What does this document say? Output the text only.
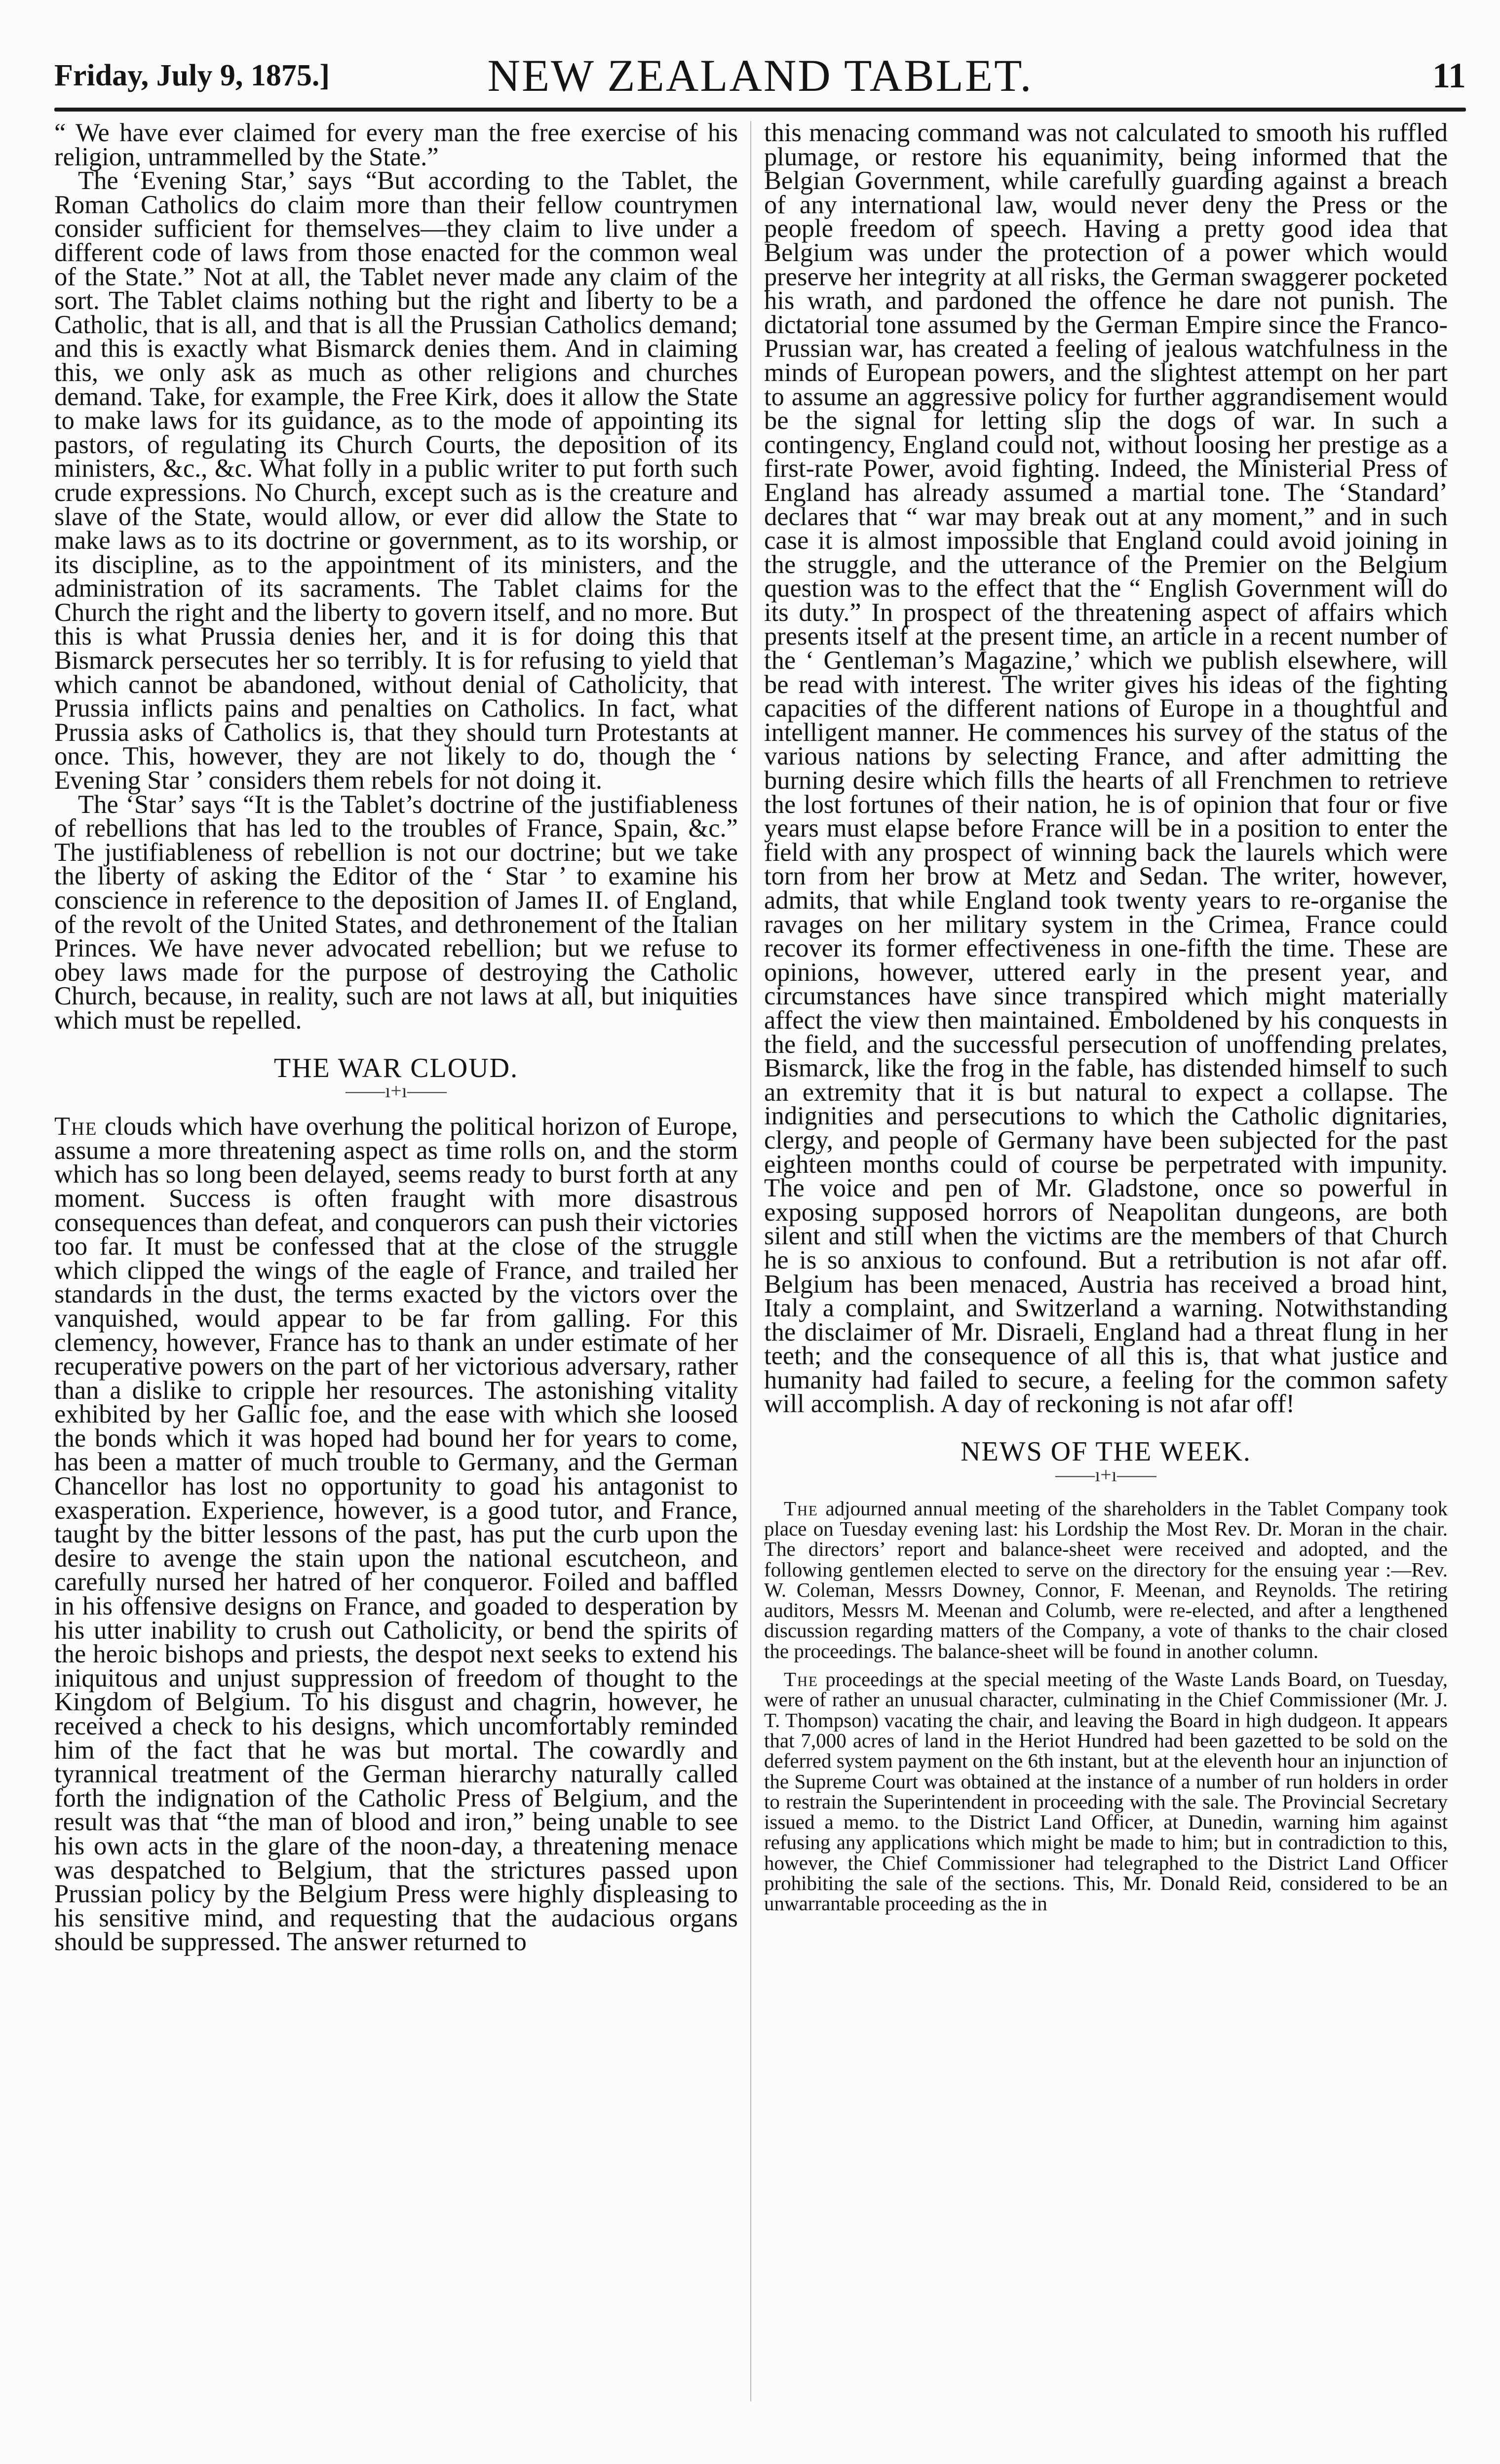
Friday, July 9, 1875.]	NEW ZEALAND TABLET.	11

“ We have ever claimed for every man the free exercise of his religion, untrammelled by the State.”

The ‘Evening Star,’ says “But according to the Tablet, the Roman Catholics do claim more than their fellow countrymen consider sufficient for themselves—they claim to live under a different code of laws from those enacted for the common weal of the State.” Not at all, the Tablet never made any claim of the sort. The Tablet claims nothing but the right and liberty to be a Catholic, that is all, and that is all the Prussian Catholics demand; and this is exactly what Bismarck denies them. And in claiming this, we only ask as much as other religions and churches demand. Take, for example, the Free Kirk, does it allow the State to make laws for its guidance, as to the mode of appointing its pastors, of regulating its Church Courts, the deposition of its ministers, &c., &c. What folly in a public writer to put forth such crude expressions. No Church, except such as is the creature and slave of the State, would allow, or ever did allow the State to make laws as to its doctrine or government, as to its worship, or its discipline, as to the appointment of its ministers, and the administration of its sacraments. The Tablet claims for the Church the right and the liberty to govern itself, and no more. But this is what Prussia denies her, and it is for doing this that Bismarck persecutes her so terribly. It is for refusing to yield that which cannot be abandoned, without denial of Catholicity, that Prussia inflicts pains and penalties on Catholics. In fact, what Prussia asks of Catholics is, that they should turn Protestants at once. This, however, they are not likely to do, though the ‘ Evening Star ’ considers them rebels for not doing it.

The ‘Star’ says “It is the Tablet’s doctrine of the justifiableness of rebellions that has led to the troubles of France, Spain, &c.” The justifiableness of rebellion is not our doctrine; but we take the liberty of asking the Editor of the ‘ Star ’ to examine his conscience in reference to the deposition of James II. of England, of the revolt of the United States, and dethronement of the Italian Princes. We have never advocated rebellion; but we refuse to obey laws made for the purpose of destroying the Catholic Church, because, in reality, such are not laws at all, but iniquities which must be repelled.

THE WAR CLOUD.
——ı+ı——

The clouds which have overhung the political horizon of Europe, assume a more threatening aspect as time rolls on, and the storm which has so long been delayed, seems ready to burst forth at any moment. Success is often fraught with more disastrous consequences than defeat, and conquerors can push their victories too far. It must be confessed that at the close of the struggle which clipped the wings of the eagle of France, and trailed her standards in the dust, the terms exacted by the victors over the vanquished, would appear to be far from galling. For this clemency, however, France has to thank an under estimate of her recuperative powers on the part of her victorious adversary, rather than a dislike to cripple her resources. The astonishing vitality exhibited by her Gallic foe, and the ease with which she loosed the bonds which it was hoped had bound her for years to come, has been a matter of much trouble to Germany, and the German Chancellor has lost no opportunity to goad his antagonist to exasperation. Experience, however, is a good tutor, and France, taught by the bitter lessons of the past, has put the curb upon the desire to avenge the stain upon the national escutcheon, and carefully nursed her hatred of her conqueror. Foiled and baffled in his offensive designs on France, and goaded to desperation by his utter inability to crush out Catholicity, or bend the spirits of the heroic bishops and priests, the despot next seeks to extend his iniquitous and unjust suppression of freedom of thought to the Kingdom of Belgium. To his disgust and chagrin, however, he received a check to his designs, which uncomfortably reminded him of the fact that he was but mortal. The cowardly and tyrannical treatment of the German hierarchy naturally called forth the indignation of the Catholic Press of Belgium, and the result was that “the man of blood and iron,” being unable to see his own acts in the glare of the noon-day, a threatening menace was despatched to Belgium, that the strictures passed upon Prussian policy by the Belgium Press were highly displeasing to his sensitive mind, and requesting that the audacious organs should be suppressed. The answer returned to

this menacing command was not calculated to smooth his ruffled plumage, or restore his equanimity, being informed that the Belgian Government, while carefully guarding against a breach of any international law, would never deny the Press or the people freedom of speech. Having a pretty good idea that Belgium was under the protection of a power which would preserve her integrity at all risks, the German swaggerer pocketed his wrath, and pardoned the offence he dare not punish. The dictatorial tone assumed by the German Empire since the Franco-Prussian war, has created a feeling of jealous watchfulness in the minds of European powers, and the slightest attempt on her part to assume an aggressive policy for further aggrandisement would be the signal for letting slip the dogs of war. In such a contingency, England could not, without loosing her prestige as a first-rate Power, avoid fighting. Indeed, the Ministerial Press of England has already assumed a martial tone. The ‘Standard’ declares that “ war may break out at any moment,” and in such case it is almost impossible that England could avoid joining in the struggle, and the utterance of the Premier on the Belgium question was to the effect that the “ English Government will do its duty.” In prospect of the threatening aspect of affairs which presents itself at the present time, an article in a recent number of the ‘ Gentleman’s Magazine,’ which we publish elsewhere, will be read with interest. The writer gives his ideas of the fighting capacities of the different nations of Europe in a thoughtful and intelligent manner. He commences his survey of the status of the various nations by selecting France, and after admitting the burning desire which fills the hearts of all Frenchmen to retrieve the lost fortunes of their nation, he is of opinion that four or five years must elapse before France will be in a position to enter the field with any prospect of winning back the laurels which were torn from her brow at Metz and Sedan. The writer, however, admits, that while England took twenty years to re-organise the ravages on her military system in the Crimea, France could recover its former effectiveness in one-fifth the time. These are opinions, however, uttered early in the present year, and circumstances have since transpired which might materially affect the view then maintained. Emboldened by his conquests in the field, and the successful persecution of unoffending prelates, Bismarck, like the frog in the fable, has distended himself to such an extremity that it is but natural to expect a collapse. The indignities and persecutions to which the Catholic dignitaries, clergy, and people of Germany have been subjected for the past eighteen months could of course be perpetrated with impunity. The voice and pen of Mr. Gladstone, once so powerful in exposing supposed horrors of Neapolitan dungeons, are both silent and still when the victims are the members of that Church he is so anxious to confound. But a retribution is not afar off. Belgium has been menaced, Austria has received a broad hint, Italy a complaint, and Switzerland a warning. Notwithstanding the disclaimer of Mr. Disraeli, England had a threat flung in her teeth; and the consequence of all this is, that what justice and humanity had failed to secure, a feeling for the common safety will accomplish. A day of reckoning is not afar off!

NEWS OF THE WEEK.
——ı+ı——

The adjourned annual meeting of the shareholders in the Tablet Company took place on Tuesday evening last: his Lordship the Most Rev. Dr. Moran in the chair. The directors’ report and balance-sheet were received and adopted, and the following gentlemen elected to serve on the directory for the ensuing year :—Rev. W. Coleman, Messrs Downey, Connor, F. Meenan, and Reynolds. The retiring auditors, Messrs M. Meenan and Columb, were re-elected, and after a lengthened discussion regarding matters of the Company, a vote of thanks to the chair closed the proceedings. The balance-sheet will be found in another column.

The proceedings at the special meeting of the Waste Lands Board, on Tuesday, were of rather an unusual character, culminating in the Chief Commissioner (Mr. J. T. Thompson) vacating the chair, and leaving the Board in high dudgeon. It appears that 7,000 acres of land in the Heriot Hundred had been gazetted to be sold on the deferred system payment on the 6th instant, but at the eleventh hour an injunction of the Supreme Court was obtained at the instance of a number of run holders in order to restrain the Superintendent in proceeding with the sale. The Provincial Secretary issued a memo. to the District Land Officer, at Dunedin, warning him against refusing any applications which might be made to him; but in contradiction to this, however, the Chief Commissioner had telegraphed to the District Land Officer prohibiting the sale of the sections. This, Mr. Donald Reid, considered to be an unwarrantable proceeding as the in
